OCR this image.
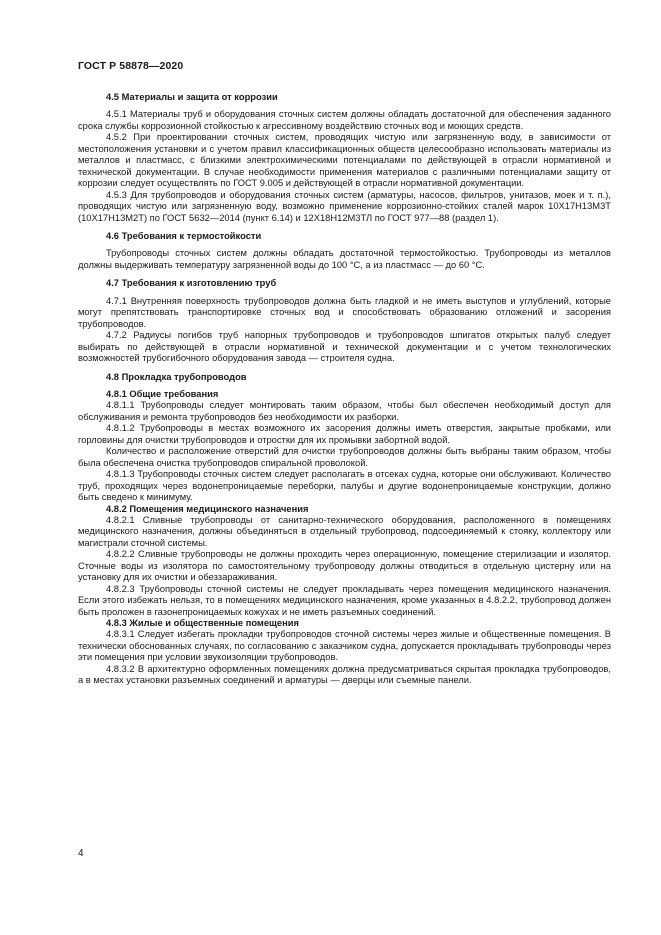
ГОСТ Р 58878—2020
4.5 Материалы и защита от коррозии
4.5.1 Материалы труб и оборудования сточных систем должны обладать достаточной для обеспечения заданного срока службы коррозионной стойкостью к агрессивному воздействию сточных вод и моющих средств.
4.5.2 При проектировании сточных систем, проводящих чистую или загрязненную воду, в зависимости от местоположения установки и с учетом правил классификационных обществ целесообразно использовать материалы из металлов и пластмасс, с близкими электрохимическими потенциалами по действующей в отрасли нормативной и технической документации. В случае необходимости применения материалов с различными потенциалами защиту от коррозии следует осуществлять по ГОСТ 9.005 и действующей в отрасли нормативной документации.
4.5.3 Для трубопроводов и оборудования сточных систем (арматуры, насосов, фильтров, унитазов, моек и т. п.), проводящих чистую или загрязненную воду, возможно применение коррозионно-стойких сталей марок 10Х17Н13М3Т (10Х17Н13М2Т) по ГОСТ 5632—2014 (пункт 6.14) и 12Х18Н12М3ТЛ по ГОСТ 977—88 (раздел 1).
4.6 Требования к термостойкости
Трубопроводы сточных систем должны обладать достаточной термостойкостью. Трубопроводы из металлов должны выдерживать температуру загрязненной воды до 100 °С, а из пластмасс — до 60 °С.
4.7 Требования к изготовлению труб
4.7.1 Внутренняя поверхность трубопроводов должна быть гладкой и не иметь выступов и углублений, которые могут препятствовать транспортировке сточных вод и способствовать образованию отложений и засорения трубопроводов.
4.7.2 Радиусы погибов труб напорных трубопроводов и трубопроводов шпигатов открытых палуб следует выбирать по действующей в отрасли нормативной и технической документации и с учетом технологических возможностей трубогибочного оборудования завода — строителя судна.
4.8 Прокладка трубопроводов
4.8.1 Общие требования
4.8.1.1 Трубопроводы следует монтировать таким образом, чтобы был обеспечен необходимый доступ для обслуживания и ремонта трубопроводов без необходимости их разборки.
4.8.1.2 Трубопроводы в местах возможного их засорения должны иметь отверстия, закрытые пробками, или горловины для очистки трубопроводов и отростки для их промывки забортной водой.
Количество и расположение отверстий для очистки трубопроводов должны быть выбраны таким образом, чтобы была обеспечена очистка трубопроводов спиральной проволокой.
4.8.1.3 Трубопроводы сточных систем следует располагать в отсеках судна, которые они обслуживают. Количество труб, проходящих через водонепроницаемые переборки, палубы и другие водонепроницаемые конструкции, должно быть сведено к минимуму.
4.8.2 Помещения медицинского назначения
4.8.2.1 Сливные трубопроводы от санитарно-технического оборудования, расположенного в помещениях медицинского назначения, должны объединяться в отдельный трубопровод, подсоединяемый к стояку, коллектору или магистрали сточной системы.
4.8.2.2 Сливные трубопроводы не должны проходить через операционную, помещение стерилизации и изолятор. Сточные воды из изолятора по самостоятельному трубопроводу должны отводиться в отдельную цистерну или на установку для их очистки и обеззараживания.
4.8.2.3 Трубопроводы сточной системы не следует прокладывать через помещения медицинского назначения. Если этого избежать нельзя, то в помещениях медицинского назначения, кроме указанных в 4.8.2.2, трубопровод должен быть проложен в газонепроницаемых кожухах и не иметь разъемных соединений.
4.8.3 Жилые и общественные помещения
4.8.3.1 Следует избегать прокладки трубопроводов сточной системы через жилые и общественные помещения. В технически обоснованных случаях, по согласованию с заказчиком судна, допускается прокладывать трубопроводы через эти помещения при условии звукоизоляции трубопроводов.
4.8.3.2 В архитектурно оформленных помещениях должна предусматриваться скрытая прокладка трубопроводов, а в местах установки разъемных соединений и арматуры — дверцы или съемные панели.
4
